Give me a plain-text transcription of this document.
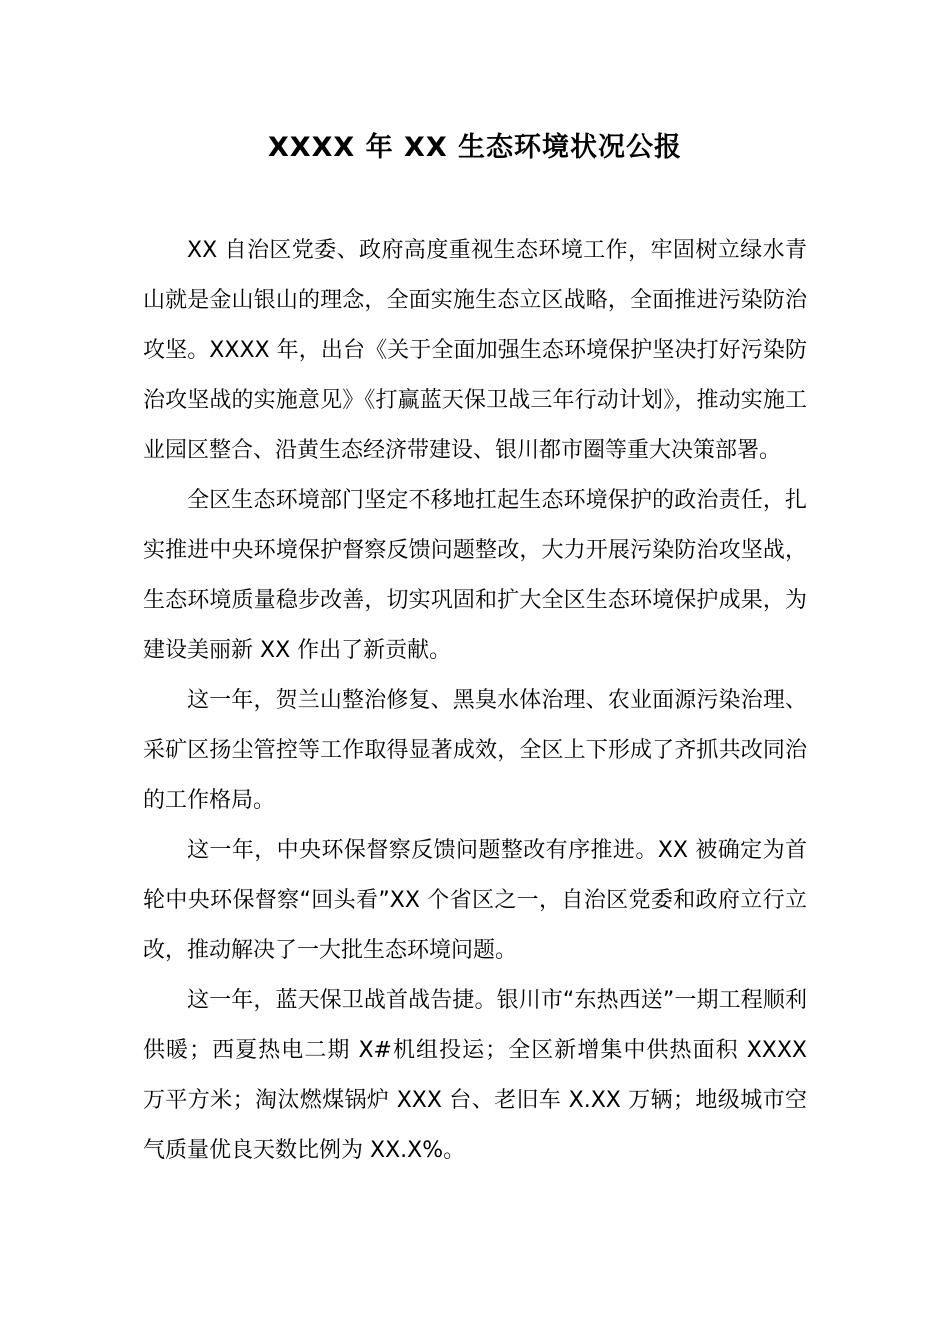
XXXX 年 XX 生态环境状况公报

XX 自治区党委、政府高度重视生态环境工作，牢固树立绿水青山就是金山银山的理念，全面实施生态立区战略，全面推进污染防治攻坚。XXXX 年，出台《关于全面加强生态环境保护坚决打好污染防治攻坚战的实施意见》《打赢蓝天保卫战三年行动计划》，推动实施工业园区整合、沿黄生态经济带建设、银川都市圈等重大决策部署。

全区生态环境部门坚定不移地扛起生态环境保护的政治责任，扎实推进中央环境保护督察反馈问题整改，大力开展污染防治攻坚战，生态环境质量稳步改善，切实巩固和扩大全区生态环境保护成果，为建设美丽新 XX 作出了新贡献。

这一年，贺兰山整治修复、黑臭水体治理、农业面源污染治理、采矿区扬尘管控等工作取得显著成效，全区上下形成了齐抓共改同治的工作格局。

这一年，中央环保督察反馈问题整改有序推进。XX 被确定为首轮中央环保督察“回头看”XX 个省区之一，自治区党委和政府立行立改，推动解决了一大批生态环境问题。

这一年，蓝天保卫战首战告捷。银川市“东热西送”一期工程顺利供暖；西夏热电二期 X#机组投运；全区新增集中供热面积 XXXX 万平方米；淘汰燃煤锅炉 XXX 台、老旧车 X.XX 万辆；地级城市空气质量优良天数比例为 XX.X%。
